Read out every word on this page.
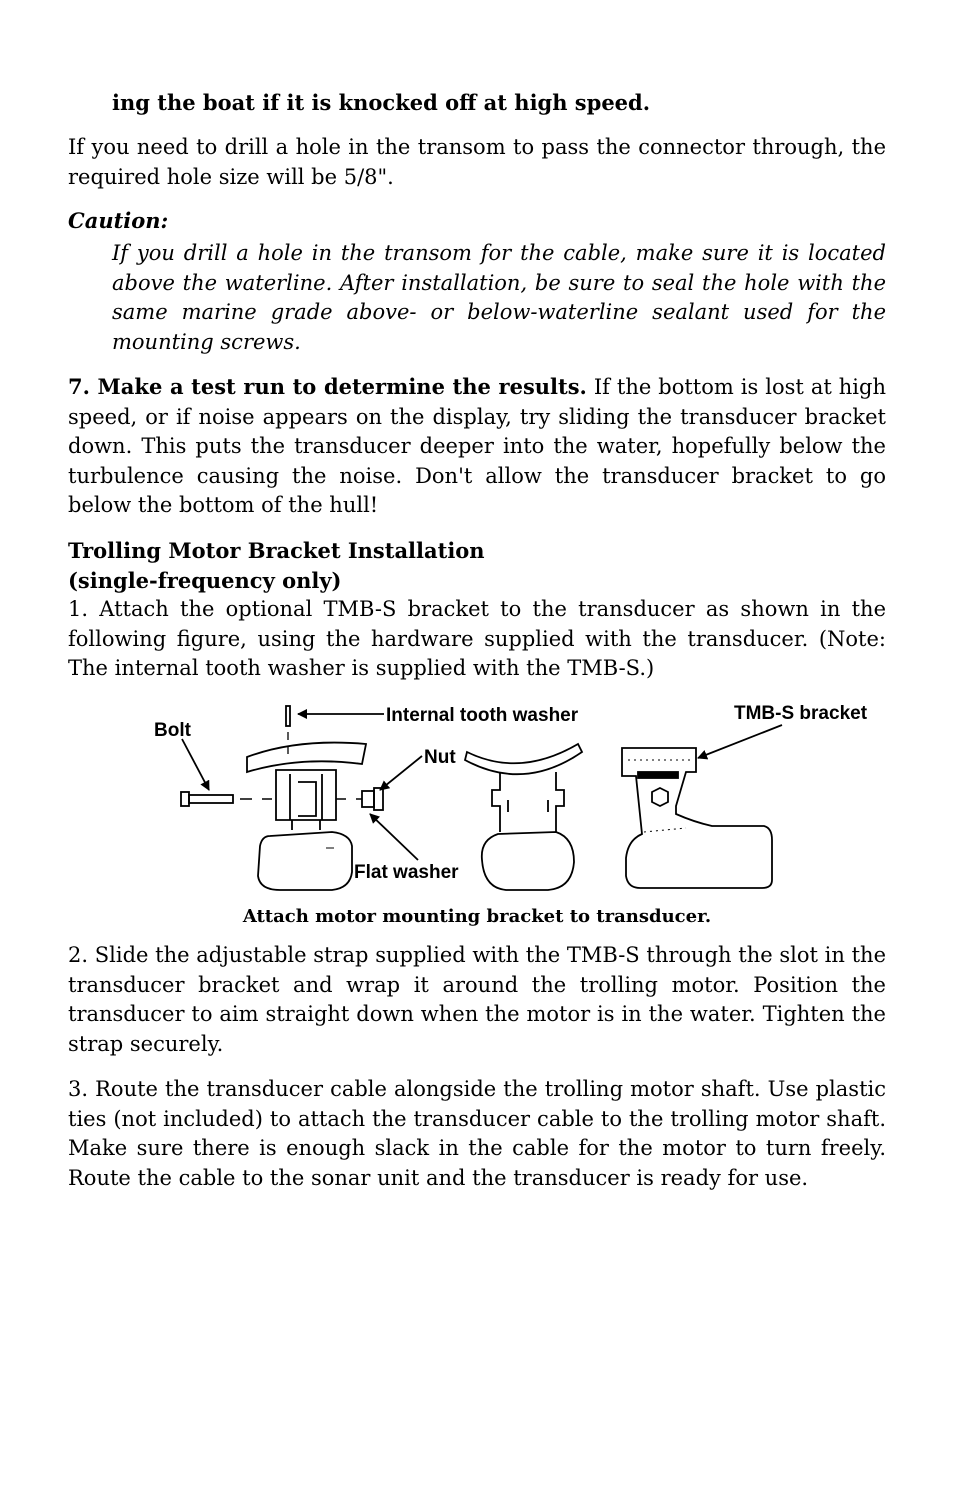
ing the boat if it is knocked off at high speed.

If you need to drill a hole in the transom to pass the connector through, the required hole size will be 5/8".

Caution:

If you drill a hole in the transom for the cable, make sure it is located above the waterline. After installation, be sure to seal the hole with the same marine grade above- or below-waterline sealant used for the mounting screws.

7. Make a test run to determine the results. If the bottom is lost at high speed, or if noise appears on the display, try sliding the transducer bracket down. This puts the transducer deeper into the water, hopefully below the turbulence causing the noise. Don't allow the transducer bracket to go below the bottom of the hull!

Trolling Motor Bracket Installation
(single-frequency only)

1. Attach the optional TMB-S bracket to the transducer as shown in the following figure, using the hardware supplied with the transducer. (Note: The internal tooth washer is supplied with the TMB-S.)

2. Slide the adjustable strap supplied with the TMB-S through the slot in the transducer bracket and wrap it around the trolling motor. Position the transducer to aim straight down when the motor is in the water. Tighten the strap securely.

3. Route the transducer cable alongside the trolling motor shaft. Use plastic ties (not included) to attach the transducer cable to the trolling motor shaft. Make sure there is enough slack in the cable for the motor to turn freely. Route the cable to the sonar unit and the transducer is ready for use.

Bolt
Internal tooth washer
Nut
Flat washer
TMB-S bracket

Attach motor mounting bracket to transducer.
